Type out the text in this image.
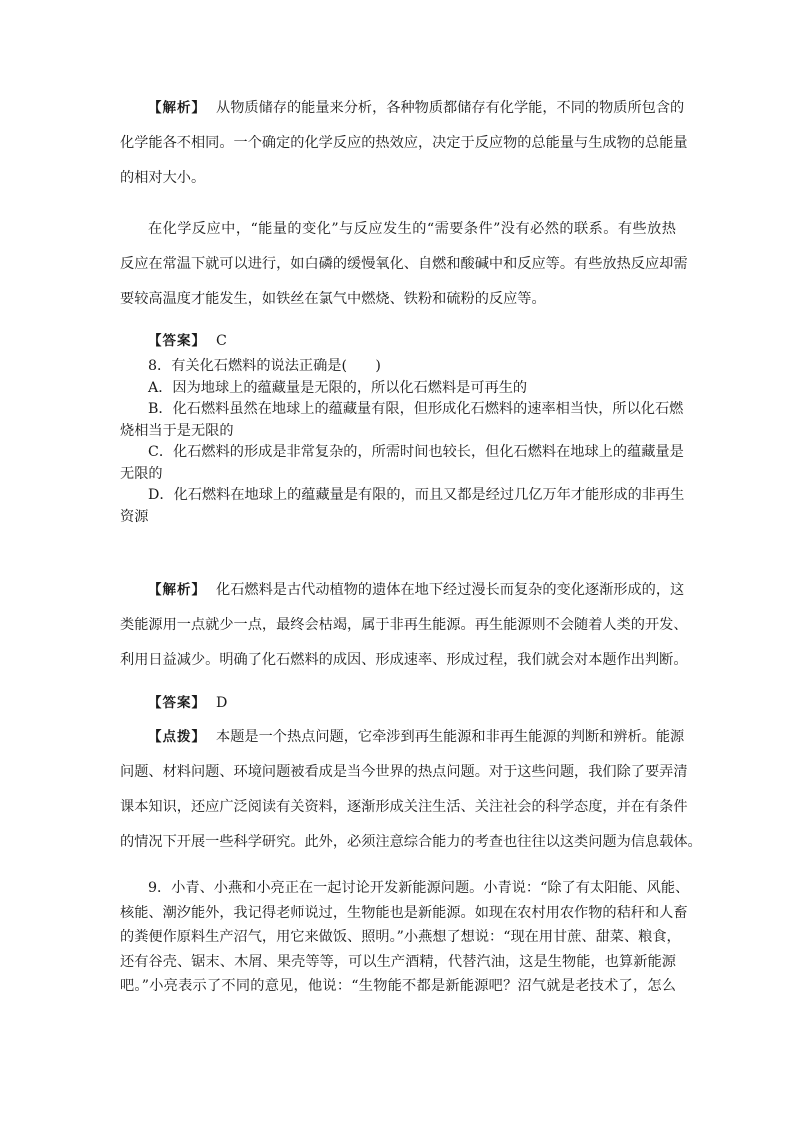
【解析】 从物质储存的能量来分析，各种物质都储存有化学能，不同的物质所包含的
化学能各不相同。一个确定的化学反应的热效应，决定于反应物的总能量与生成物的总能量
的相对大小。
在化学反应中，“能量的变化”与反应发生的“需要条件”没有必然的联系。有些放热
反应在常温下就可以进行，如白磷的缓慢氧化、自燃和酸碱中和反应等。有些放热反应却需
要较高温度才能发生，如铁丝在氯气中燃烧、铁粉和硫粉的反应等。
【答案】 C
8．有关化石燃料的说法正确是(　　)
A．因为地球上的蕴藏量是无限的，所以化石燃料是可再生的
B．化石燃料虽然在地球上的蕴藏量有限，但形成化石燃料的速率相当快，所以化石燃
烧相当于是无限的
C．化石燃料的形成是非常复杂的，所需时间也较长，但化石燃料在地球上的蕴藏量是
无限的
D．化石燃料在地球上的蕴藏量是有限的，而且又都是经过几亿万年才能形成的非再生
资源
【解析】 化石燃料是古代动植物的遗体在地下经过漫长而复杂的变化逐渐形成的，这
类能源用一点就少一点，最终会枯竭，属于非再生能源。再生能源则不会随着人类的开发、
利用日益减少。明确了化石燃料的成因、形成速率、形成过程，我们就会对本题作出判断。
【答案】 D
【点拨】 本题是一个热点问题，它牵涉到再生能源和非再生能源的判断和辨析。能源
问题、材料问题、环境问题被看成是当今世界的热点问题。对于这些问题，我们除了要弄清
课本知识，还应广泛阅读有关资料，逐渐形成关注生活、关注社会的科学态度，并在有条件
的情况下开展一些科学研究。此外，必须注意综合能力的考查也往往以这类问题为信息载体。
9．小青、小燕和小亮正在一起讨论开发新能源问题。小青说：“除了有太阳能、风能、
核能、潮汐能外，我记得老师说过，生物能也是新能源。如现在农村用农作物的秸秆和人畜
的粪便作原料生产沼气，用它来做饭、照明。”小燕想了想说：“现在用甘蔗、甜菜、粮食，
还有谷壳、锯末、木屑、果壳等等，可以生产酒精，代替汽油，这是生物能，也算新能源
吧。”小亮表示了不同的意见，他说：“生物能不都是新能源吧？沼气就是老技术了，怎么
